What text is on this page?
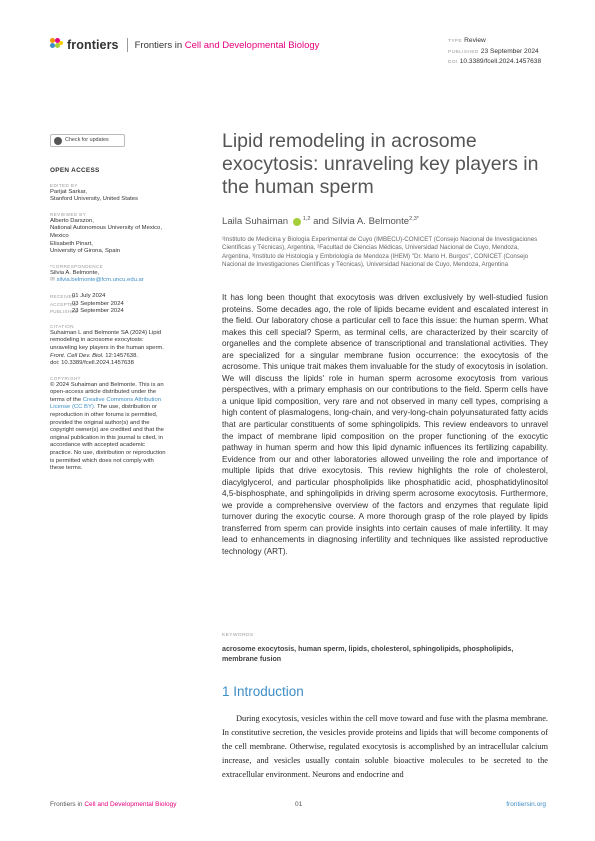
frontiers Frontiers in Cell and Developmental Biology	TYPE Review
PUBLISHED 23 September 2024
DOI 10.3389/fcell.2024.1457638
Check for updates
OPEN ACCESS
EDITED BY
Parijat Sarkar,
Stanford University, United States
REVIEWED BY
Alberto Darszon,
National Autonomous University of Mexico,
Mexico
Elisabeth Pinart,
University of Girona, Spain
*CORRESPONDENCE
Silvia A. Belmonte,
✉ silvia.belmonte@fcm.uncu.edu.ar
RECEIVED
01 July 2024
ACCEPTED
03 September 2024
PUBLISHED
23 September 2024
CITATION
Suhaiman L and Belmonte SA (2024) Lipid remodeling in acrosome exocytosis: unraveling key players in the human sperm. Front. Cell Dev. Biol. 12:1457638.
doi: 10.3389/fcell.2024.1457638
COPYRIGHT
© 2024 Suhaiman and Belmonte. This is an open-access article distributed under the terms of the Creative Commons Attribution License (CC BY). The use, distribution or reproduction in other forums is permitted, provided the original author(s) and the copyright owner(s) are credited and that the original publication in this journal is cited, in accordance with accepted academic practice. No use, distribution or reproduction is permitted which does not comply with these terms.
Lipid remodeling in acrosome exocytosis: unraveling key players in the human sperm
Laila Suhaiman	$^{1,2}$ and Silvia A. Belmonte$^{2,3*}$
¹Instituto de Medicina y Biología Experimental de Cuyo (IMBECU)-CONICET (Consejo Nacional de Investigaciones Científicas y Técnicas), Argentina, ²Facultad de Ciencias Médicas, Universidad Nacional de Cuyo, Mendoza, Argentina, ³Instituto de Histología y Embriología de Mendoza (IHEM) "Dr. Mario H. Burgos", CONICET (Consejo Nacional de Investigaciones Científicas y Técnicas), Universidad Nacional de Cuyo, Mendoza, Argentina
It has long been thought that exocytosis was driven exclusively by well-studied fusion proteins. Some decades ago, the role of lipids became evident and escalated interest in the field. Our laboratory chose a particular cell to face this issue: the human sperm. What makes this cell special? Sperm, as terminal cells, are characterized by their scarcity of organelles and the complete absence of transcriptional and translational activities. They are specialized for a singular membrane fusion occurrence: the exocytosis of the acrosome. This unique trait makes them invaluable for the study of exocytosis in isolation. We will discuss the lipids' role in human sperm acrosome exocytosis from various perspectives, with a primary emphasis on our contributions to the field. Sperm cells have a unique lipid composition, very rare and not observed in many cell types, comprising a high content of plasmalogens, long-chain, and very-long-chain polyunsaturated fatty acids that are particular constituents of some sphingolipids. This review endeavors to unravel the impact of membrane lipid composition on the proper functioning of the exocytic pathway in human sperm and how this lipid dynamic influences its fertilizing capability. Evidence from our and other laboratories allowed unveiling the role and importance of multiple lipids that drive exocytosis. This review highlights the role of cholesterol, diacylglycerol, and particular phospholipids like phosphatidic acid, phosphatidylinositol 4,5-bisphosphate, and sphingolipids in driving sperm acrosome exocytosis. Furthermore, we provide a comprehensive overview of the factors and enzymes that regulate lipid turnover during the exocytic course. A more thorough grasp of the role played by lipids transferred from sperm can provide insights into certain causes of male infertility. It may lead to enhancements in diagnosing infertility and techniques like assisted reproductive technology (ART).
KEYWORDS
acrosome exocytosis, human sperm, lipids, cholesterol, sphingolipids, phospholipids, membrane fusion
1 Introduction

During exocytosis, vesicles within the cell move toward and fuse with the plasma membrane. In constitutive secretion, the vesicles provide proteins and lipids that will become components of the cell membrane. Otherwise, regulated exocytosis is accomplished by an intracellular calcium increase, and vesicles usually contain soluble bioactive molecules to be secreted to the extracellular environment. Neurons and endocrine and

Frontiers in Cell and Developmental Biology	01	frontiersin.org
